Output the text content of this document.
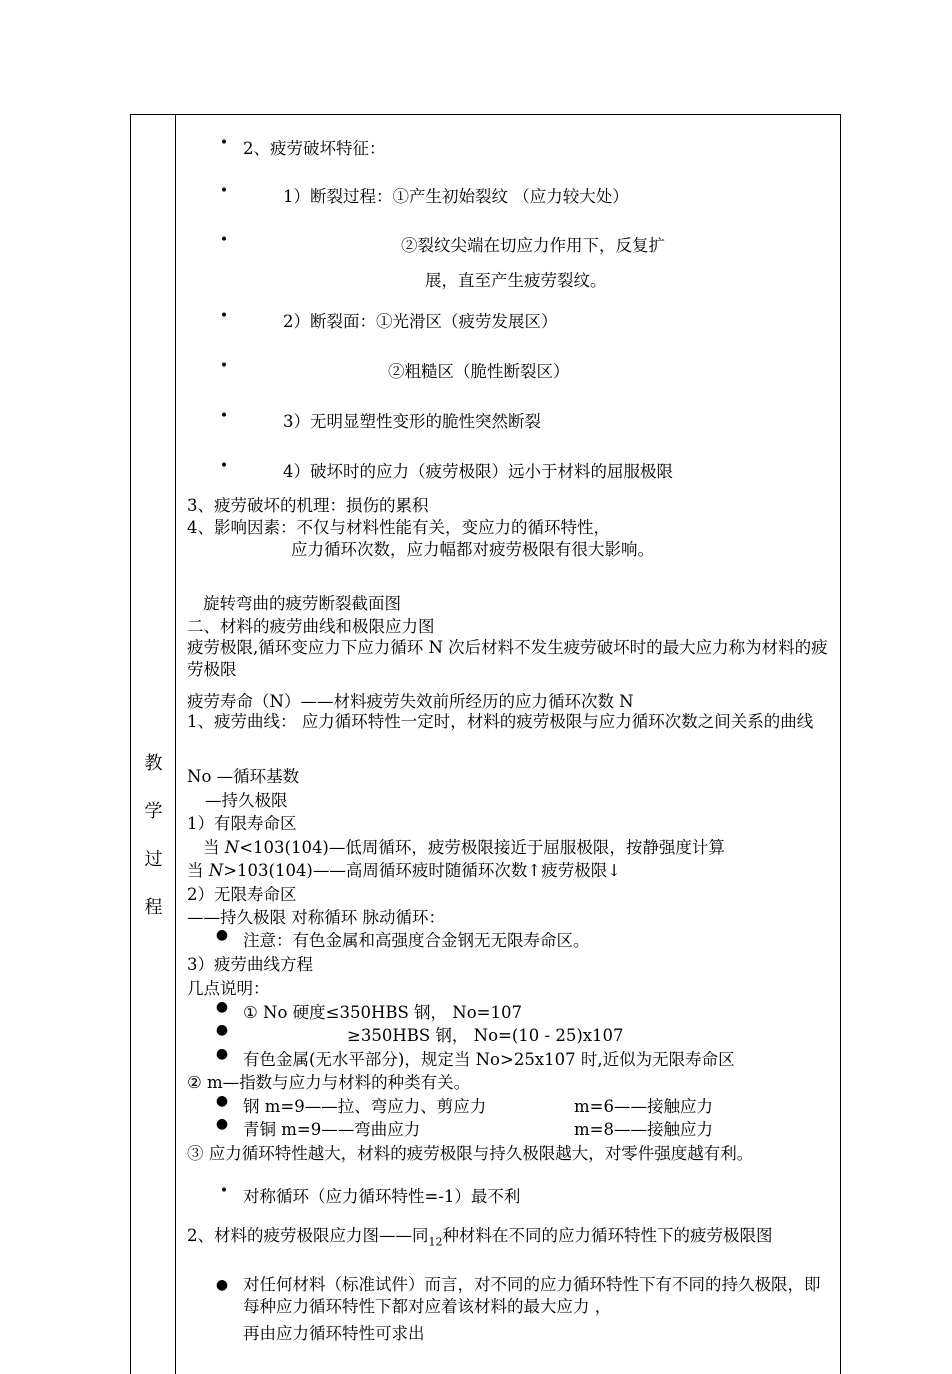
教
学
过
程
• 2、疲劳破坏特征：
•	1）断裂过程：①产生初始裂纹 （应力较大处）
•	②裂纹尖端在切应力作用下，反复扩
展，直至产生疲劳裂纹。
•	2）断裂面：①光滑区（疲劳发展区）
•	②粗糙区（脆性断裂区）
•	3）无明显塑性变形的脆性突然断裂
•	4）破坏时的应力（疲劳极限）远小于材料的屈服极限
3、疲劳破坏的机理：损伤的累积
4、影响因素：不仅与材料性能有关，变应力的循环特性，
应力循环次数，应力幅都对疲劳极限有很大影响。
旋转弯曲的疲劳断裂截面图
二、材料的疲劳曲线和极限应力图
疲劳极限,循环变应力下应力循环 N 次后材料不发生疲劳破坏时的最大应力称为材料的疲劳极限
疲劳寿命（N）——材料疲劳失效前所经历的应力循环次数 N
1、疲劳曲线： 应力循环特性一定时，材料的疲劳极限与应力循环次数之间关系的曲线
No —循环基数
—持久极限
1）有限寿命区
当 N<103(104)—低周循环，疲劳极限接近于屈服极限，按静强度计算
当 N>103(104)——高周循环疲时随循环次数↑疲劳极限↓
2）无限寿命区
——持久极限 对称循环 脉动循环：
● 注意：有色金属和高强度合金钢无无限寿命区。
3）疲劳曲线方程
几点说明：
● ① No 硬度≤350HBS 钢， No=107
●	≥350HBS 钢， No=(10 - 25)x107
● 有色金属(无水平部分)，规定当 No>25x107 时,近似为无限寿命区
② m—指数与应力与材料的种类有关。
● 钢 m=9——拉、弯应力、剪应力	m=6——接触应力
● 青铜 m=9——弯曲应力	m=8——接触应力
③ 应力循环特性越大，材料的疲劳极限与持久极限越大，对零件强度越有利。
• 对称循环（应力循环特性=-1）最不利
2、材料的疲劳极限应力图——同$_{12}$种材料在不同的应力循环特性下的疲劳极限图
● 对任何材料（标准试件）而言，对不同的应力循环特性下有不同的持久极限，即每种应力循环特性下都对应着该材料的最大应力 ，
再由应力循环特性可求出
